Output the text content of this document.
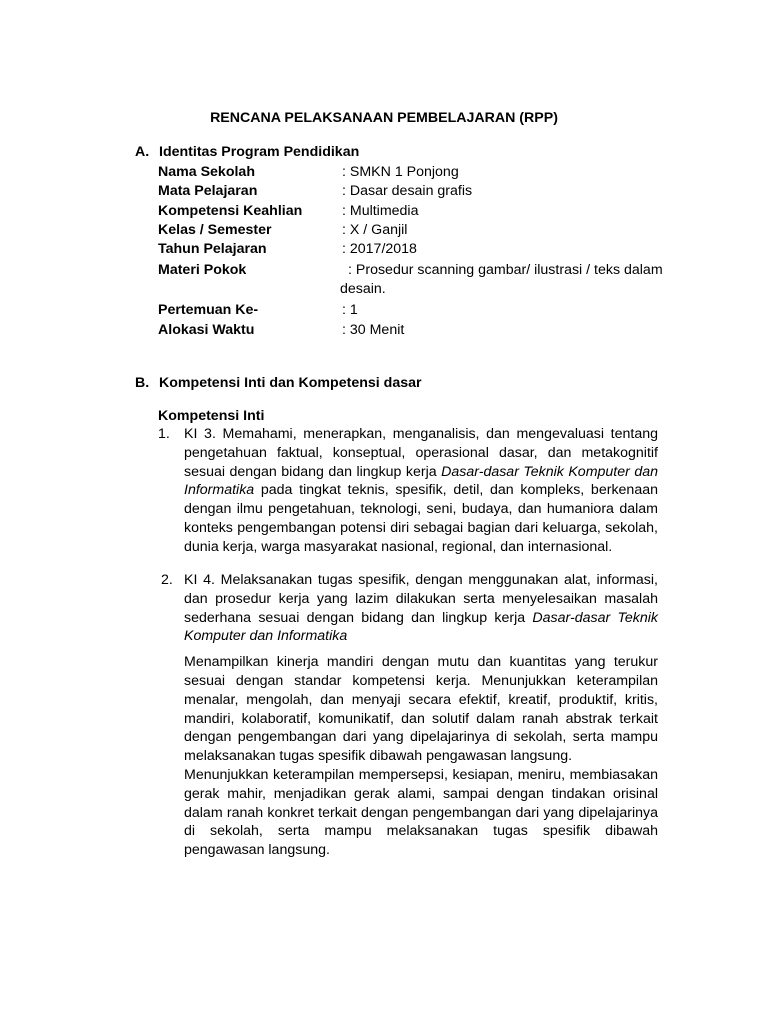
RENCANA PELAKSANAAN PEMBELAJARAN (RPP)
A. Identitas Program Pendidikan
Nama Sekolah	: SMKN 1 Ponjong
Mata Pelajaran	: Dasar desain grafis
Kompetensi Keahlian	: Multimedia
Kelas / Semester	: X / Ganjil
Tahun Pelajaran	: 2017/2018
Materi Pokok	: Prosedur scanning gambar/ ilustrasi / teks dalam
desain.
Pertemuan Ke-	: 1
Alokasi Waktu	: 30 Menit
B. Kompetensi Inti dan Kompetensi dasar
Kompetensi Inti
1. KI 3. Memahami, menerapkan, menganalisis, dan mengevaluasi tentang pengetahuan faktual, konseptual, operasional dasar, dan metakognitif sesuai dengan bidang dan lingkup kerja Dasar-dasar Teknik Komputer dan Informatika pada tingkat teknis, spesifik, detil, dan kompleks, berkenaan dengan ilmu pengetahuan, teknologi, seni, budaya, dan humaniora dalam konteks pengembangan potensi diri sebagai bagian dari keluarga, sekolah, dunia kerja, warga masyarakat nasional, regional, dan internasional.

2. KI 4. Melaksanakan tugas spesifik, dengan menggunakan alat, informasi, dan prosedur kerja yang lazim dilakukan serta menyelesaikan masalah sederhana sesuai dengan bidang dan lingkup kerja Dasar-dasar Teknik Komputer dan Informatika

Menampilkan kinerja mandiri dengan mutu dan kuantitas yang terukur sesuai dengan standar kompetensi kerja. Menunjukkan keterampilan menalar, mengolah, dan menyaji secara efektif, kreatif, produktif, kritis, mandiri, kolaboratif, komunikatif, dan solutif dalam ranah abstrak terkait dengan pengembangan dari yang dipelajarinya di sekolah, serta mampu melaksanakan tugas spesifik dibawah pengawasan langsung.

Menunjukkan keterampilan mempersepsi, kesiapan, meniru, membiasakan gerak mahir, menjadikan gerak alami, sampai dengan tindakan orisinal dalam ranah konkret terkait dengan pengembangan dari yang dipelajarinya di sekolah, serta mampu melaksanakan tugas spesifik dibawah pengawasan langsung.
